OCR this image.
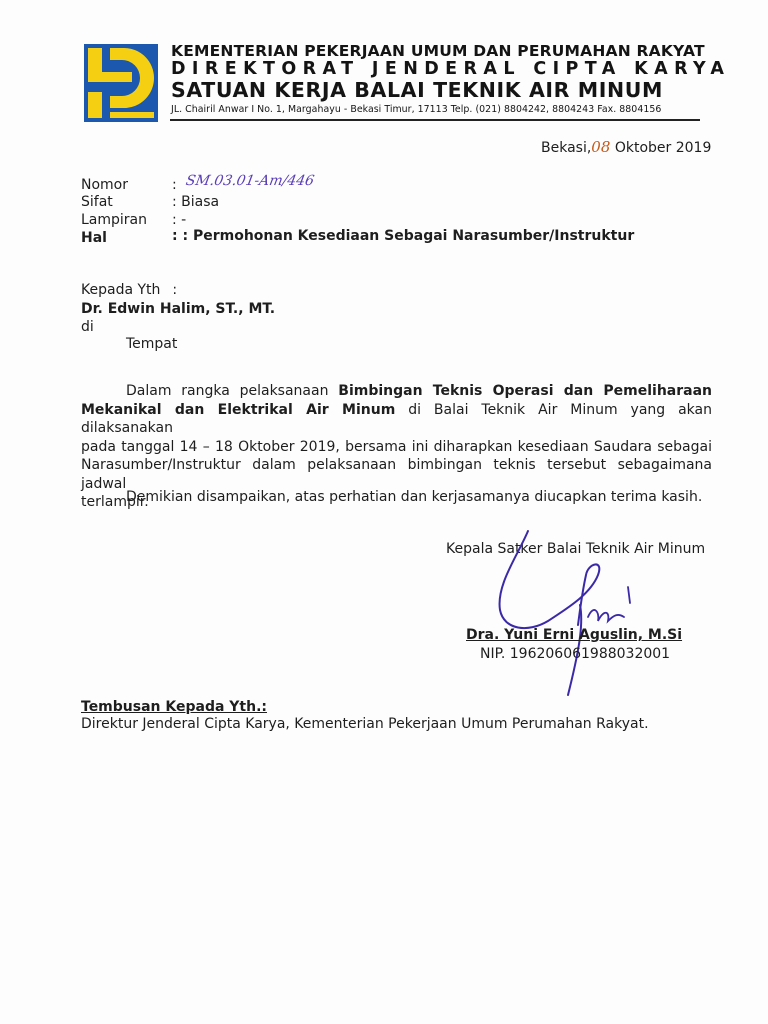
KEMENTERIAN PEKERJAAN UMUM DAN PERUMAHAN RAKYAT
DIREKTORAT JENDERAL CIPTA KARYA
SATUAN KERJA BALAI TEKNIK AIR MINUM
JL. Chairil Anwar I No. 1, Margahayu - Bekasi Timur, 17113 Telp. (021) 8804242, 8804243 Fax. 8804156
Bekasi,08 Oktober 2019
Nomor	: SM.03.01-Am/446
Sifat	: Biasa
Lampiran : -
Hal	: : Permohonan Kesediaan Sebagai Narasumber/Instruktur
Kepada Yth :
Dr. Edwin Halim, ST., MT.
di
Tempat
Dalam rangka pelaksanaan Bimbingan Teknis Operasi dan Pemeliharaan
Mekanikal dan Elektrikal Air Minum di Balai Teknik Air Minum yang akan dilaksanakan
pada tanggal 14 – 18 Oktober 2019, bersama ini diharapkan kesediaan Saudara sebagai
Narasumber/Instruktur dalam pelaksanaan bimbingan teknis tersebut sebagaimana jadwal
terlampir.
Demikian disampaikan, atas perhatian dan kerjasamanya diucapkan terima kasih.
Kepala Satker Balai Teknik Air Minum
Dra. Yuni Erni Aguslin, M.Si
NIP. 196206061988032001
Tembusan Kepada Yth.:
Direktur Jenderal Cipta Karya, Kementerian Pekerjaan Umum Perumahan Rakyat.
